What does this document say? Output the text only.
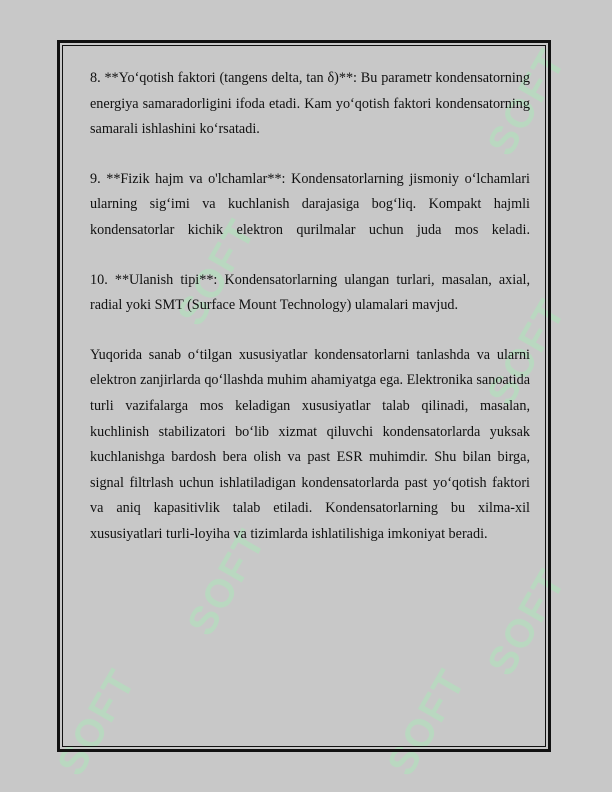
SOFT
SOFT
SOFT
SOFT
SOFT
SOFT
SOFT

8. **Yo‘qotish faktori (tangens delta, tan δ)**: Bu parametr kondensatorning energiya samaradorligini ifoda etadi. Kam yo‘qotish faktori kondensatorning samarali ishlashini ko‘rsatadi.

9. **Fizik hajm va o'lchamlar**: Kondensatorlarning jismoniy o‘lchamlari ularning sig‘imi va kuchlanish darajasiga bog‘liq. Kompakt hajmli kondensatorlar kichik elektron qurilmalar uchun juda mos keladi.

10. **Ulanish tipi**: Kondensatorlarning ulangan turlari, masalan, axial, radial yoki SMT (Surface Mount Technology) ulamalari mavjud.

Yuqorida sanab o‘tilgan xususiyatlar kondensatorlarni tanlashda va ularni elektron zanjirlarda qo‘llashda muhim ahamiyatga ega. Elektronika sanoatida turli vazifalarga mos keladigan xususiyatlar talab qilinadi, masalan, kuchlinish stabilizatori bo‘lib xizmat qiluvchi kondensatorlarda yuksak kuchlanishga bardosh bera olish va past ESR muhimdir. Shu bilan birga, signal filtrlash uchun ishlatiladigan kondensatorlarda past yo‘qotish faktori va aniq kapasitivlik talab etiladi. Kondensatorlarning bu xilma-xil xususiyatlari turli-loyiha va tizimlarda ishlatilishiga imkoniyat beradi.
